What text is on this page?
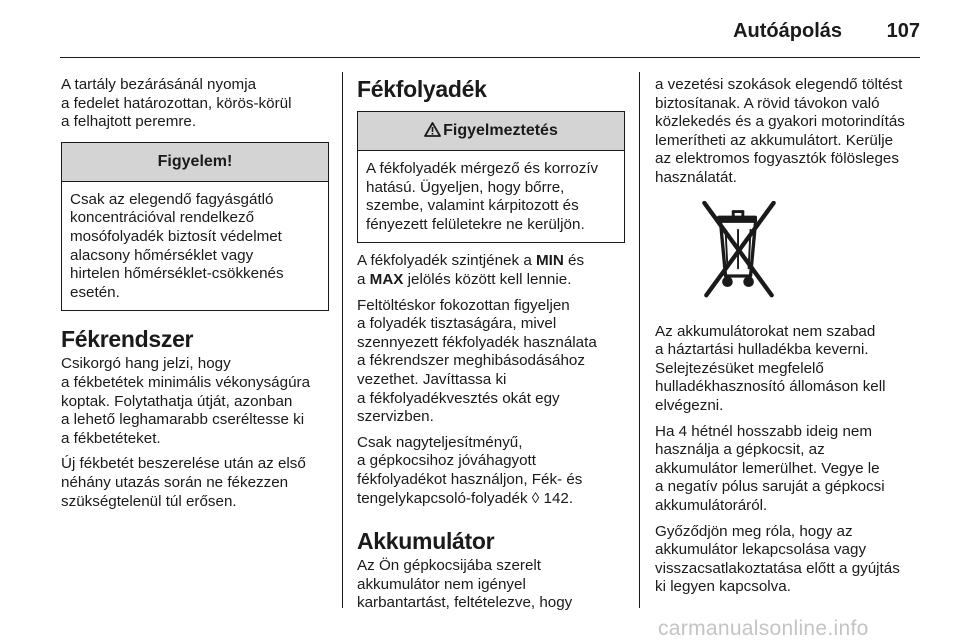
Autóápolás 107

A tartály bezárásánál nyomja
a fedelet határozottan, körös-körül
a felhajtott peremre.

Figyelem!
Csak az elegendő fagyásgátló
koncentrációval rendelkező
mosófolyadék biztosít védelmet
alacsony hőmérséklet vagy
hirtelen hőmérséklet-csökkenés
esetén.
Fékrendszer

Csikorgó hang jelzi, hogy
a fékbetétek minimális vékonyságúra
koptak. Folytathatja útját, azonban
a lehető leghamarabb cseréltesse ki
a fékbetéteket.

Új fékbetét beszerelése után az első
néhány utazás során ne fékezzen
szükségtelenül túl erősen.

Fékfolyadék
Figyelmeztetés
A fékfolyadék mérgező és korrozív
hatású. Ügyeljen, hogy bőrre,
szembe, valamint kárpitozott és
fényezett felületekre ne kerüljön.

A fékfolyadék szintjének a MIN és
a MAX jelölés között kell lennie.

Feltöltéskor fokozottan figyeljen
a folyadék tisztaságára, mivel
szennyezett fékfolyadék használata
a fékrendszer meghibásodásához
vezethet. Javíttassa ki
a fékfolyadékvesztés okát egy
szervizben.

Csak nagyteljesítményű,
a gépkocsihoz jóváhagyott
fékfolyadékot használjon, Fék- és
tengelykapcsoló-folyadék ◊ 142.

Akkumulátor

Az Ön gépkocsijába szerelt
akkumulátor nem igényel
karbantartást, feltételezve, hogy

a vezetési szokások elegendő töltést
biztosítanak. A rövid távokon való
közlekedés és a gyakori motorindítás
lemerítheti az akkumulátort. Kerülje
az elektromos fogyasztók fölösleges
használatát.

Az akkumulátorokat nem szabad
a háztartási hulladékba keverni.
Selejtezésüket megfelelő
hulladékhasznosító állomáson kell
elvégezni.

Ha 4 hétnél hosszabb ideig nem
használja a gépkocsit, az
akkumulátor lemerülhet. Vegye le
a negatív pólus saruját a gépkocsi
akkumulátoráról.

Győződjön meg róla, hogy az
akkumulátor lekapcsolása vagy
visszacsatlakoztatása előtt a gyújtás
ki legyen kapcsolva.

carmanualsonline.info
